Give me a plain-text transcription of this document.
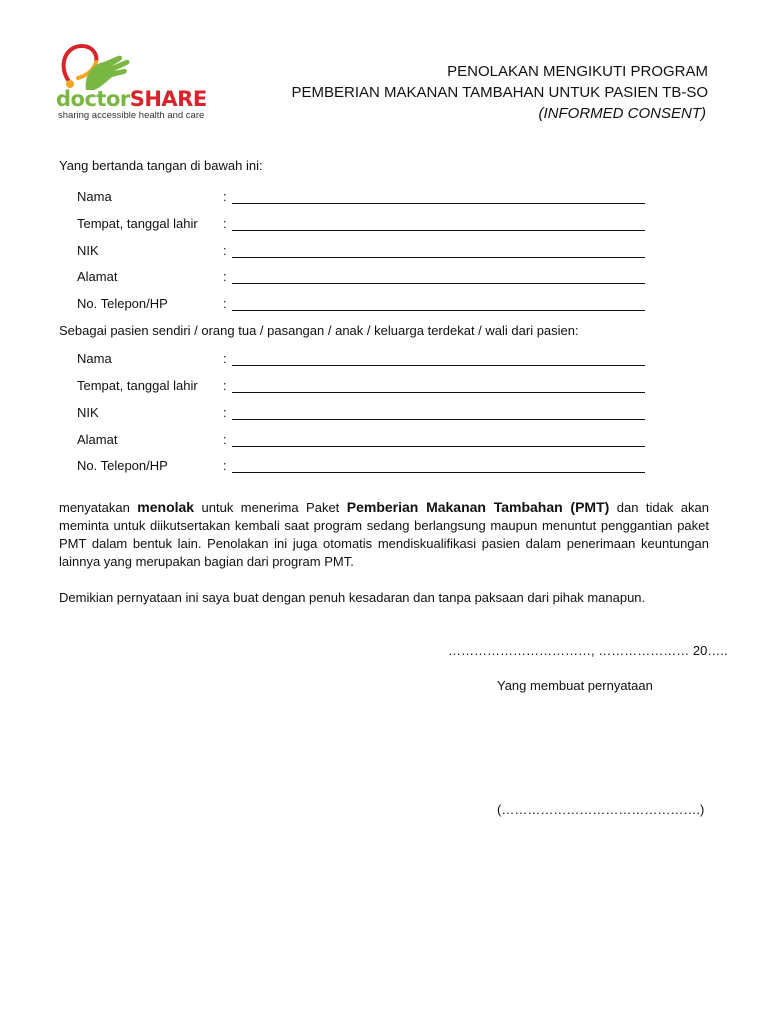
doctorSHARE
sharing accessible health and care
PENOLAKAN MENGIKUTI PROGRAM
PEMBERIAN MAKANAN TAMBAHAN UNTUK PASIEN TB-SO
(INFORMED CONSENT)
Yang bertanda tangan di bawah ini:
Nama	:
Tempat, tanggal lahir :
NIK	:
Alamat	:
No. Telepon/HP	:
Sebagai pasien sendiri / orang tua / pasangan / anak / keluarga terdekat / wali dari pasien:
Nama	:
Tempat, tanggal lahir :
NIK	:
Alamat	:
No. Telepon/HP	:
menyatakan menolak untuk menerima Paket Pemberian Makanan Tambahan (PMT) dan tidak akan meminta untuk diikutsertakan kembali saat program sedang berlangsung maupun menuntut penggantian paket PMT dalam bentuk lain. Penolakan ini juga otomatis mendiskualifikasi pasien dalam penerimaan keuntungan lainnya yang merupakan bagian dari program PMT.
Demikian pernyataan ini saya buat dengan penuh kesadaran dan tanpa paksaan dari pihak manapun.
……………………………, ………………… 20…..
Yang membuat pernyataan
(……………………………………….)
